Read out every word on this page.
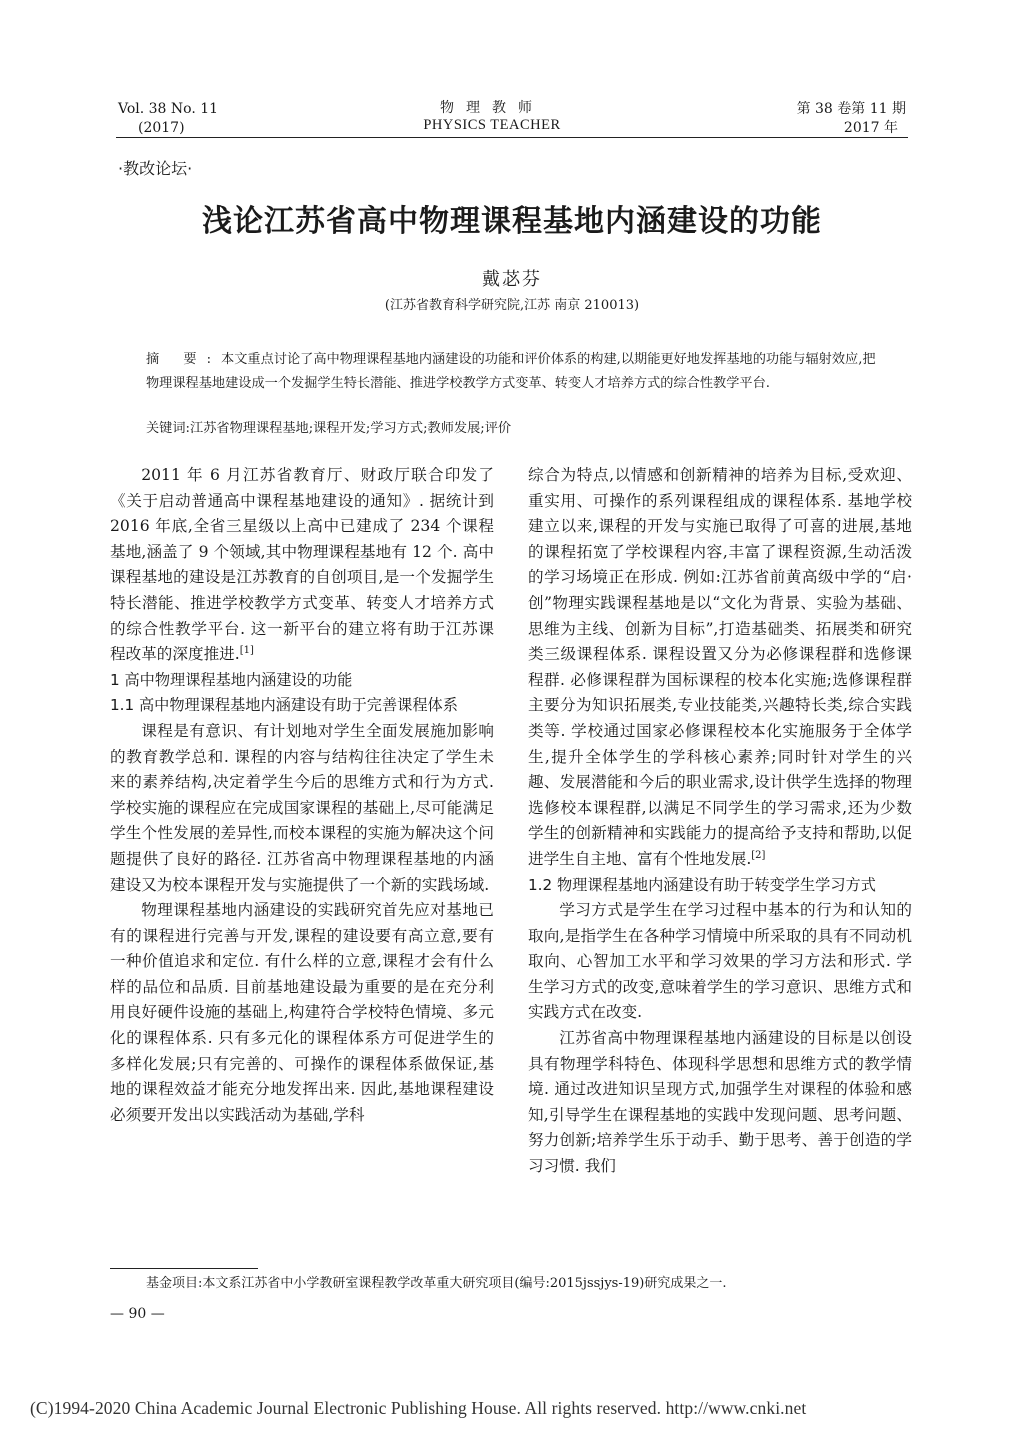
Vol. 38 No. 11
(2017)
物理教师
PHYSICS TEACHER
第 38 卷第 11 期
2017 年
·教改论坛·
浅论江苏省高中物理课程基地内涵建设的功能
戴苾芬
(江苏省教育科学研究院,江苏 南京 210013)
摘 要:本文重点讨论了高中物理课程基地内涵建设的功能和评价体系的构建,以期能更好地发挥基地的功能与辐射效应,把物理课程基地建设成一个发掘学生特长潜能、推进学校教学方式变革、转变人才培养方式的综合性教学平台.
关键词:江苏省物理课程基地;课程开发;学习方式;教师发展;评价

2011 年 6 月江苏省教育厅、财政厅联合印发了《关于启动普通高中课程基地建设的通知》. 据统计到 2016 年底,全省三星级以上高中已建成了 234 个课程基地,涵盖了 9 个领域,其中物理课程基地有 12 个. 高中课程基地的建设是江苏教育的自创项目,是一个发掘学生特长潜能、推进学校教学方式变革、转变人才培养方式的综合性教学平台. 这一新平台的建立将有助于江苏课程改革的深度推进.[1]

1 高中物理课程基地内涵建设的功能
1.1 高中物理课程基地内涵建设有助于完善课程体系

课程是有意识、有计划地对学生全面发展施加影响的教育教学总和. 课程的内容与结构往往决定了学生未来的素养结构,决定着学生今后的思维方式和行为方式. 学校实施的课程应在完成国家课程的基础上,尽可能满足学生个性发展的差异性,而校本课程的实施为解决这个问题提供了良好的路径. 江苏省高中物理课程基地的内涵建设又为校本课程开发与实施提供了一个新的实践场域.

物理课程基地内涵建设的实践研究首先应对基地已有的课程进行完善与开发,课程的建设要有高立意,要有一种价值追求和定位. 有什么样的立意,课程才会有什么样的品位和品质. 目前基地建设最为重要的是在充分利用良好硬件设施的基础上,构建符合学校特色情境、多元化的课程体系. 只有多元化的课程体系方可促进学生的多样化发展;只有完善的、可操作的课程体系做保证,基地的课程效益才能充分地发挥出来. 因此,基地课程建设必须要开发出以实践活动为基础,学科

综合为特点,以情感和创新精神的培养为目标,受欢迎、重实用、可操作的系列课程组成的课程体系. 基地学校建立以来,课程的开发与实施已取得了可喜的进展,基地的课程拓宽了学校课程内容,丰富了课程资源,生动活泼的学习场境正在形成. 例如:江苏省前黄高级中学的“启·创”物理实践课程基地是以“文化为背景、实验为基础、思维为主线、创新为目标”,打造基础类、拓展类和研究类三级课程体系. 课程设置又分为必修课程群和选修课程群. 必修课程群为国标课程的校本化实施;选修课程群主要分为知识拓展类,专业技能类,兴趣特长类,综合实践类等. 学校通过国家必修课程校本化实施服务于全体学生,提升全体学生的学科核心素养;同时针对学生的兴趣、发展潜能和今后的职业需求,设计供学生选择的物理选修校本课程群,以满足不同学生的学习需求,还为少数学生的创新精神和实践能力的提高给予支持和帮助,以促进学生自主地、富有个性地发展.[2]

1.2 物理课程基地内涵建设有助于转变学生学习方式

学习方式是学生在学习过程中基本的行为和认知的取向,是指学生在各种学习情境中所采取的具有不同动机取向、心智加工水平和学习效果的学习方法和形式. 学生学习方式的改变,意味着学生的学习意识、思维方式和实践方式在改变.

江苏省高中物理课程基地内涵建设的目标是以创设具有物理学科特色、体现科学思想和思维方式的教学情境. 通过改进知识呈现方式,加强学生对课程的体验和感知,引导学生在课程基地的实践中发现问题、思考问题、努力创新;培养学生乐于动手、勤于思考、善于创造的学习习惯. 我们

基金项目:本文系江苏省中小学教研室课程教学改革重大研究项目(编号:2015jssjys-19)研究成果之一.
— 90 —
(C)1994-2020 China Academic Journal Electronic Publishing House. All rights reserved. http://www.cnki.net
